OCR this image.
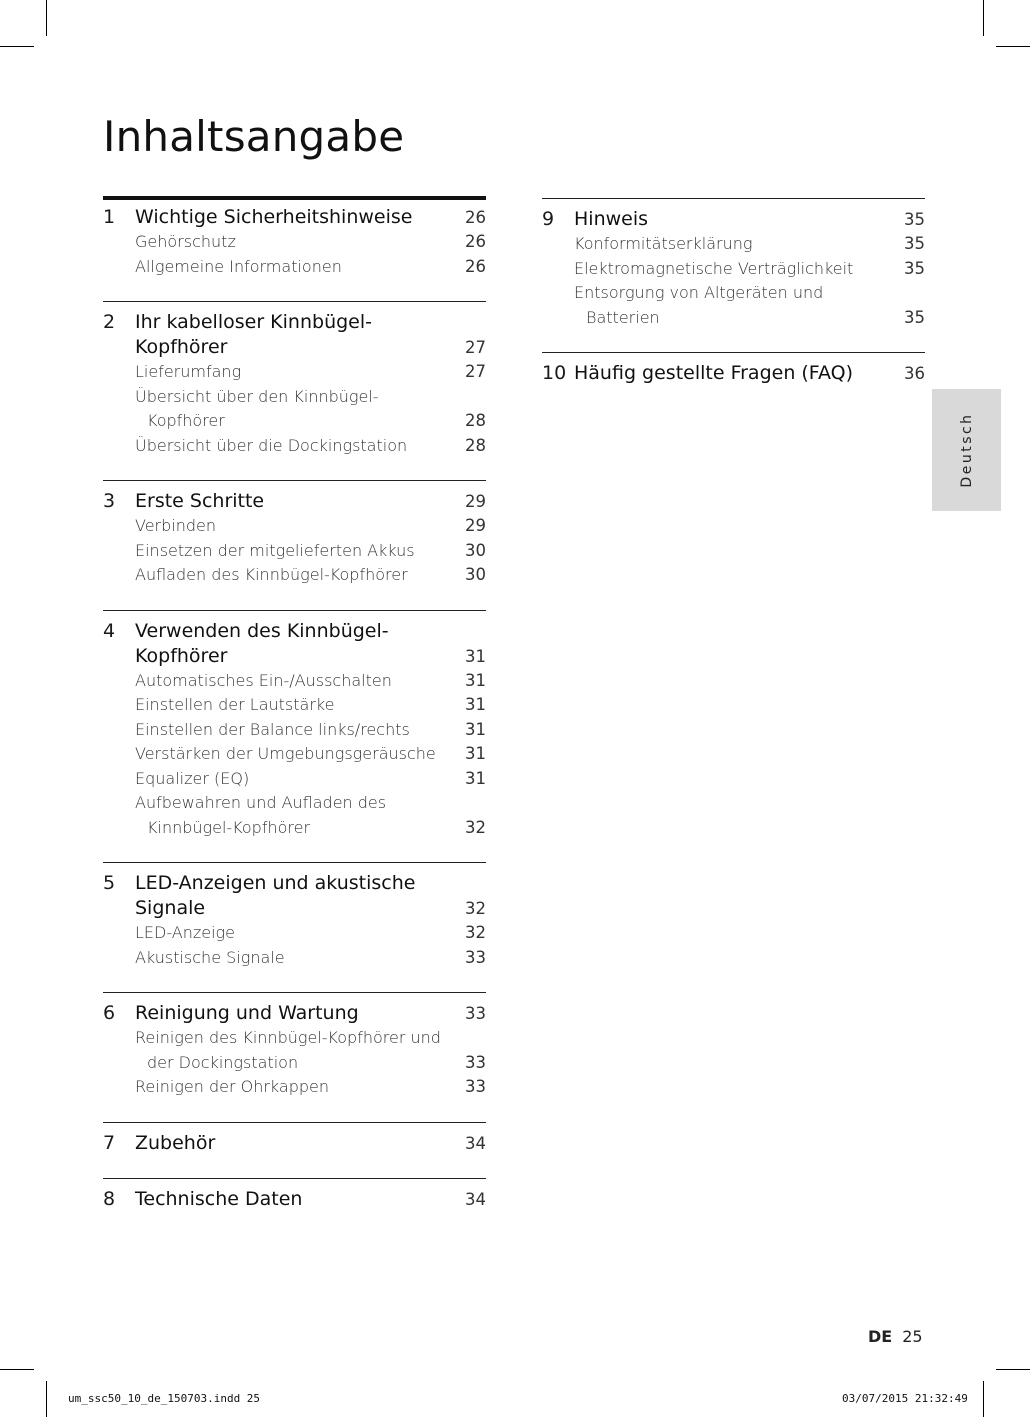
Inhaltsangabe
1	Wichtige Sicherheitshinweise	26
Gehörschutz	26
Allgemeine Informationen	26
2	Ihr kabelloser Kinnbügel-
Kopfhörer	27
Lieferumfang	27
Übersicht über den Kinnbügel-
Kopfhörer	28
Übersicht über die Dockingstation	28
3	Erste Schritte	29
Verbinden	29
Einsetzen der mitgelieferten Akkus	30
Aufladen des Kinnbügel-Kopfhörer	30
4	Verwenden des Kinnbügel-
Kopfhörer	31
Automatisches Ein-/Ausschalten	31
Einstellen der Lautstärke	31
Einstellen der Balance links/rechts	31
Verstärken der Umgebungsgeräusche	31
Equalizer (EQ)	31
Aufbewahren und Aufladen des
Kinnbügel-Kopfhörer	32
5	LED-Anzeigen und akustische
Signale	32
LED-Anzeige	32
Akustische Signale	33
6	Reinigung und Wartung	33
Reinigen des Kinnbügel-Kopfhörer und
der Dockingstation	33
Reinigen der Ohrkappen	33
7	Zubehör	34
8	Technische Daten	34
9	Hinweis	35
Konformitätserklärung	35
Elektromagnetische Verträglichkeit	35
Entsorgung von Altgeräten und
Batterien	35
10 Häufig gestellte Fragen (FAQ)	36
Deutsch
DE 25
um_ssc50_10_de_150703.indd 25	03/07/2015 21:32:49
